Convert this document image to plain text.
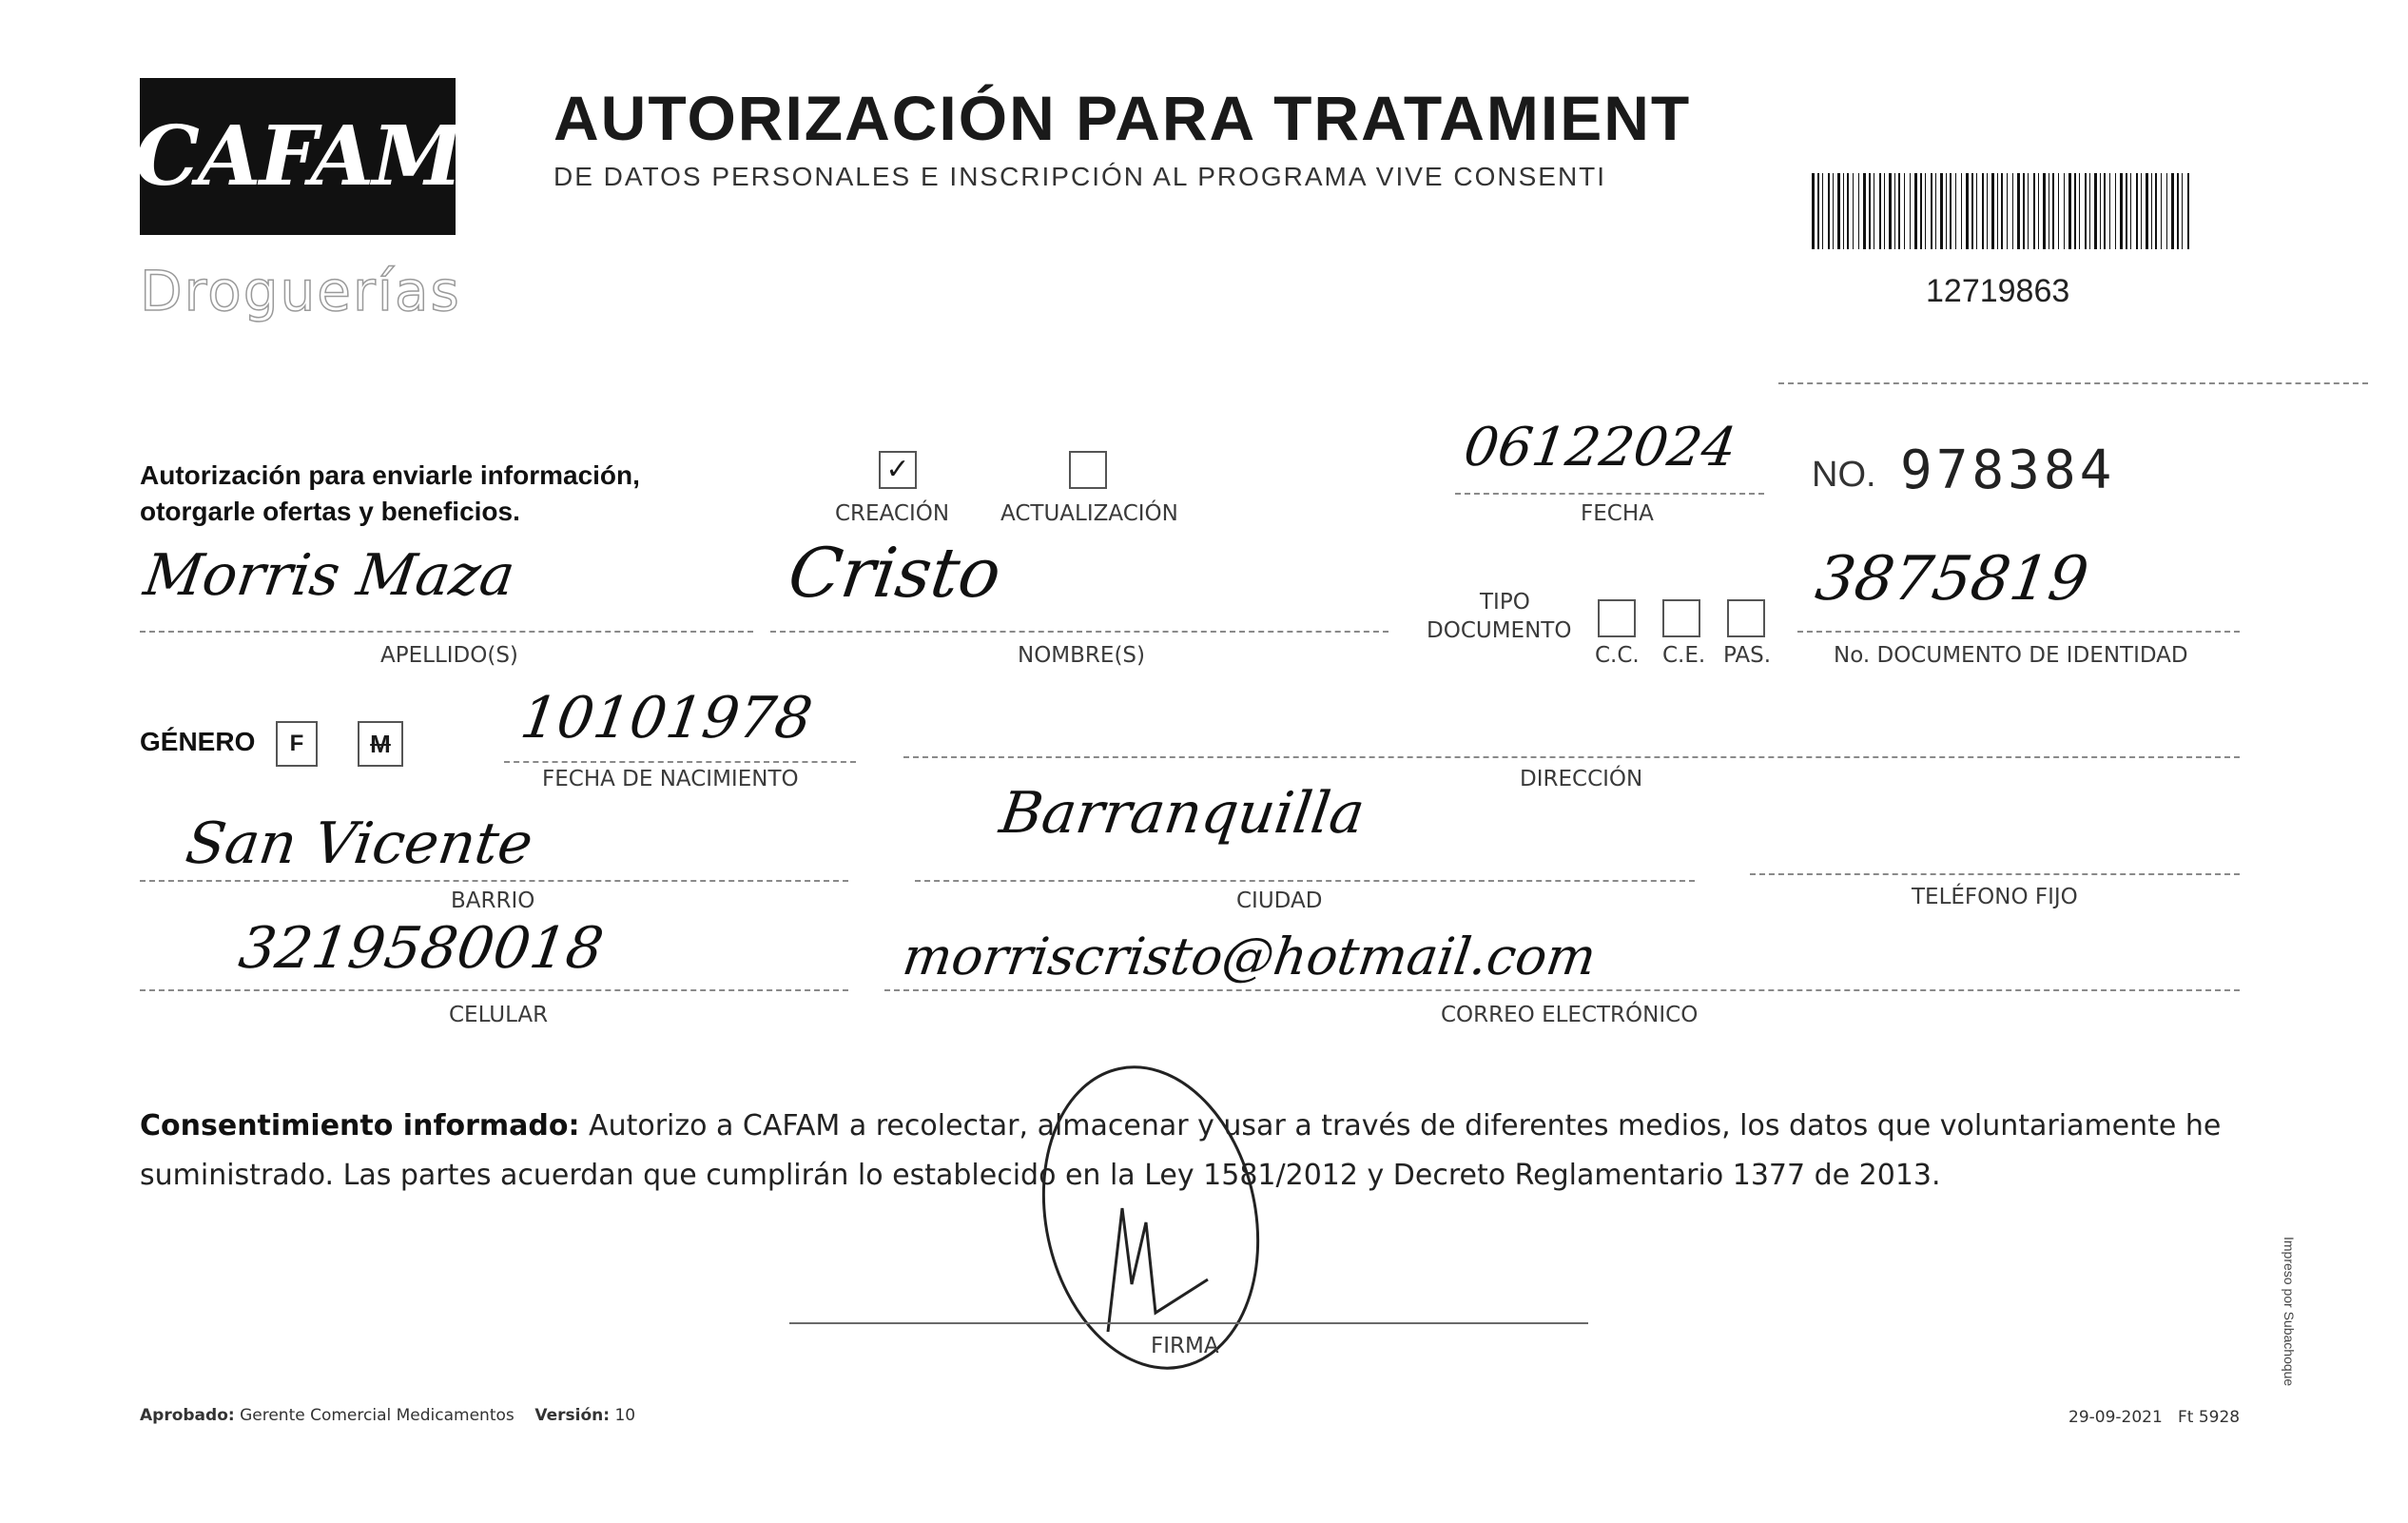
CAFAM
Droguerías
AUTORIZACIÓN PARA TRATAMIENT
DE DATOS PERSONALES E INSCRIPCIÓN AL PROGRAMA VIVE CONSENTI
12719863
Autorización para enviarle información,
otorgarle ofertas y beneficios.
✓
CREACIÓN ACTUALIZACIÓN
06122024
FECHA
NO. 978384
Morris Maza
APELLIDO(S)
Cristo
NOMBRE(S)
TIPO
DOCUMENTO
C.C. C.E. PAS.
3875819
No. DOCUMENTO DE IDENTIDAD
GÉNERO	F	M 10101978
FECHA DE NACIMIENTO	DIRECCIÓN
San Vicente
BARRIO
Barranquilla
CIUDAD	TELÉFONO FIJO
3219580018
CELULAR
morriscristo@hotmail.com
CORREO ELECTRÓNICO
Consentimiento informado: Autorizo a CAFAM a recolectar, almacenar y usar a través de diferentes medios, los datos que voluntariamente he suministrado. Las partes acuerdan que cumplirán lo establecido en la Ley 1581/2012 y Decreto Reglamentario 1377 de 2013.
FIRMA
Aprobado: Gerente Comercial Medicamentos Versión: 10	29-09-2021 Ft 5928
Impreso por Subachoque
